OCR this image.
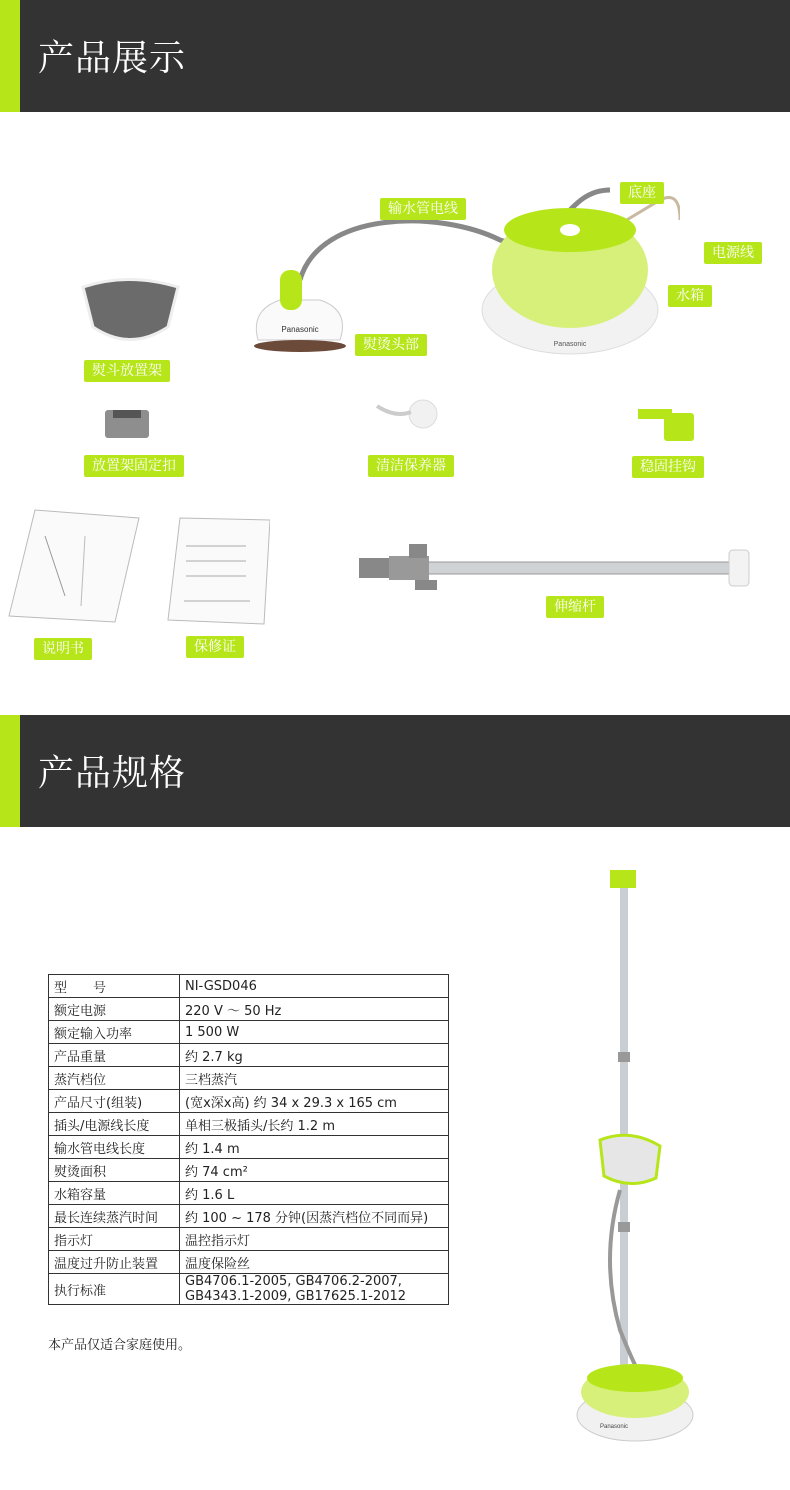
产品展示
Panasonic
Panasonic
输水管电线
底座
电源线
水箱
熨烫头部
熨斗放置架
放置架固定扣	清洁保养器	稳固挂钩
说明书	保修证
伸缩杆
产品规格
型　　号	NI-GSD046
额定电源	220 V ～ 50 Hz
额定输入功率	1 500 W
产品重量	约 2.7 kg
蒸汽档位	三档蒸汽
产品尺寸(组装)	(宽x深x高) 约 34 x 29.3 x 165 cm
插头/电源线长度	单相三极插头/长约 1.2 m
输水管电线长度	约 1.4 m
熨烫面积	约 74 cm²
水箱容量	约 1.6 L
最长连续蒸汽时间	约 100 ~ 178 分钟(因蒸汽档位不同而异)
指示灯	温控指示灯
温度过升防止装置	温度保险丝
执行标准	GB4706.1-2005, GB4706.2-2007,
GB4343.1-2009, GB17625.1-2012
本产品仅适合家庭使用。
Panasonic
